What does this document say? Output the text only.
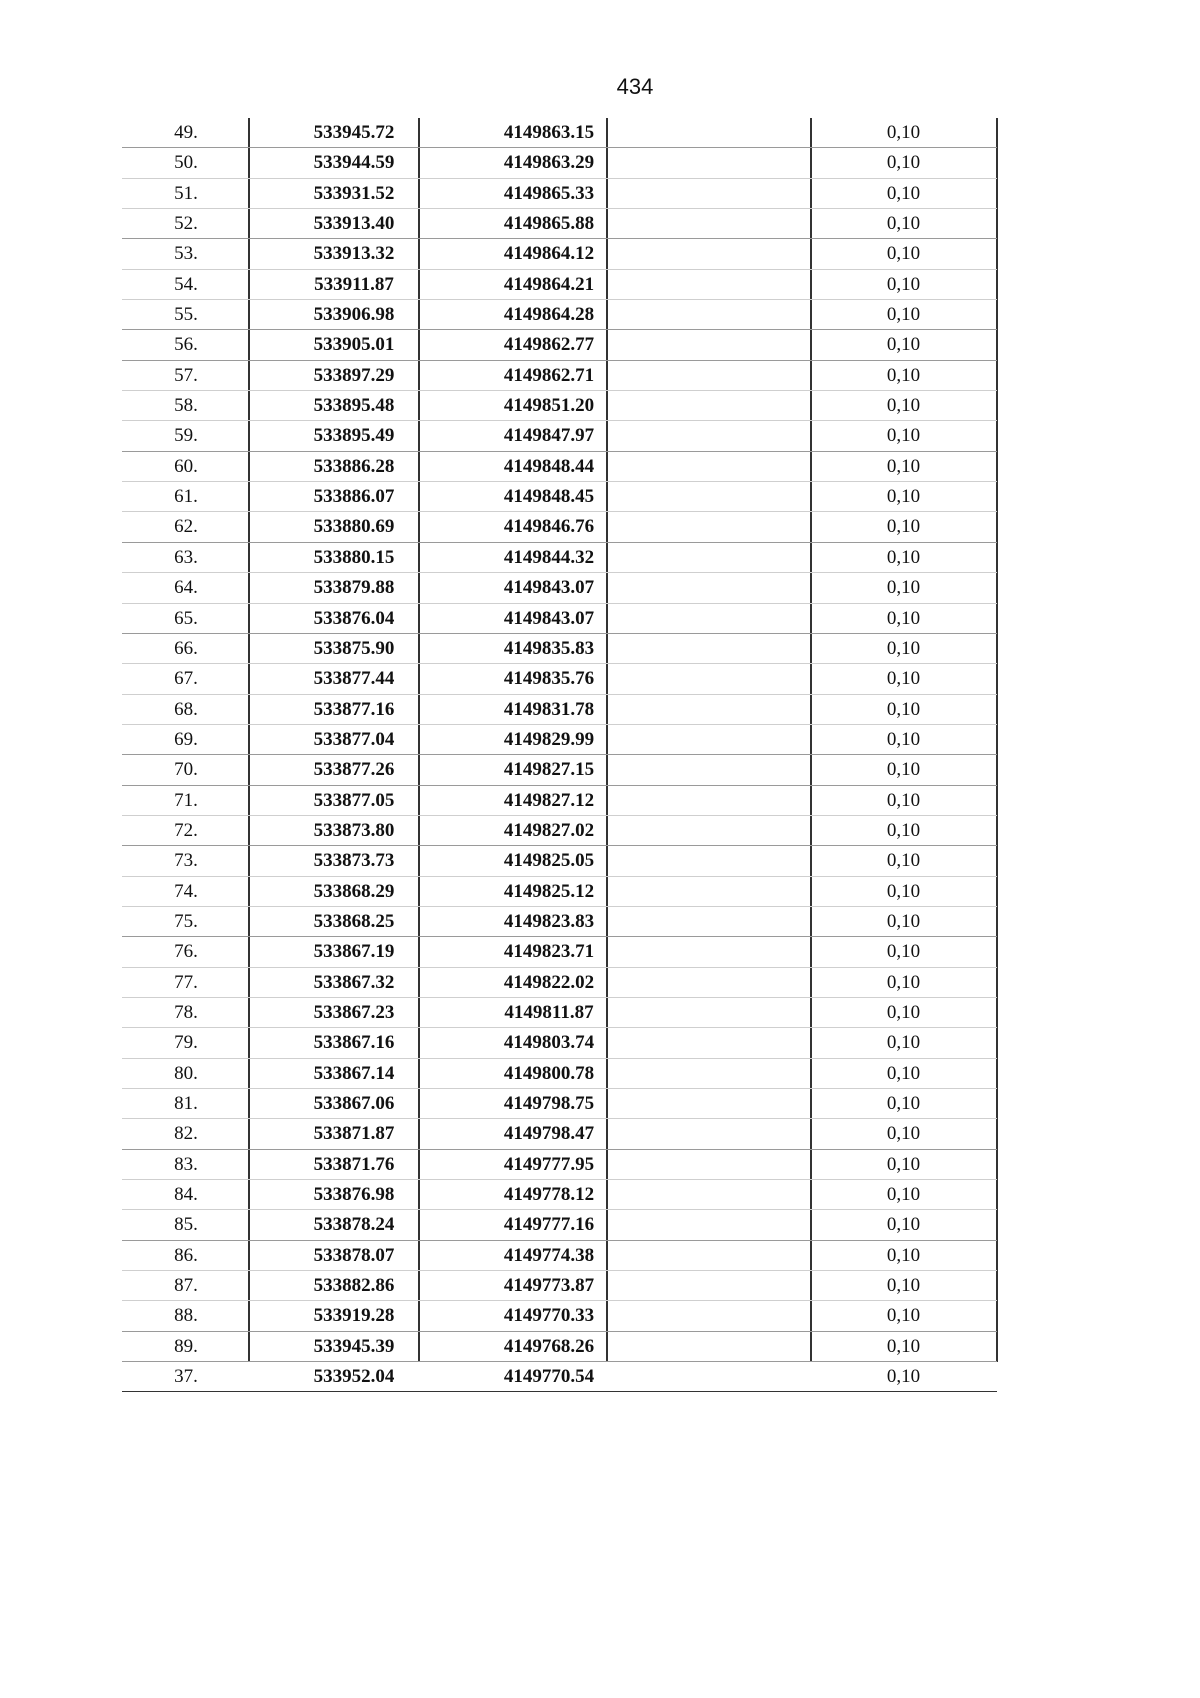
434
49.	533945.72	4149863.15	0,10
50.	533944.59	4149863.29	0,10
51.	533931.52	4149865.33	0,10
52.	533913.40	4149865.88	0,10
53.	533913.32	4149864.12	0,10
54.	533911.87	4149864.21	0,10
55.	533906.98	4149864.28	0,10
56.	533905.01	4149862.77	0,10
57.	533897.29	4149862.71	0,10
58.	533895.48	4149851.20	0,10
59.	533895.49	4149847.97	0,10
60.	533886.28	4149848.44	0,10
61.	533886.07	4149848.45	0,10
62.	533880.69	4149846.76	0,10
63.	533880.15	4149844.32	0,10
64.	533879.88	4149843.07	0,10
65.	533876.04	4149843.07	0,10
66.	533875.90	4149835.83	0,10
67.	533877.44	4149835.76	0,10
68.	533877.16	4149831.78	0,10
69.	533877.04	4149829.99	0,10
70.	533877.26	4149827.15	0,10
71.	533877.05	4149827.12	0,10
72.	533873.80	4149827.02	0,10
73.	533873.73	4149825.05	0,10
74.	533868.29	4149825.12	0,10
75.	533868.25	4149823.83	0,10
76.	533867.19	4149823.71	0,10
77.	533867.32	4149822.02	0,10
78.	533867.23	4149811.87	0,10
79.	533867.16	4149803.74	0,10
80.	533867.14	4149800.78	0,10
81.	533867.06	4149798.75	0,10
82.	533871.87	4149798.47	0,10
83.	533871.76	4149777.95	0,10
84.	533876.98	4149778.12	0,10
85.	533878.24	4149777.16	0,10
86.	533878.07	4149774.38	0,10
87.	533882.86	4149773.87	0,10
88.	533919.28	4149770.33	0,10
89.	533945.39	4149768.26	0,10
37.	533952.04	4149770.54	0,10
